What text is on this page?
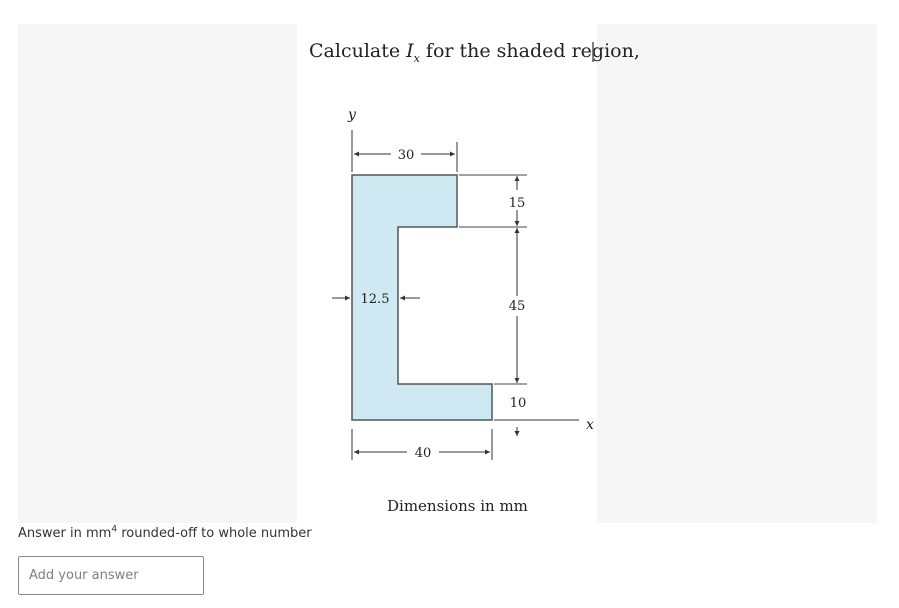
Calculate $I_x$ for the shaded region,
y
30
15
45
10
x
12.5
40
Dimensions in mm
Answer in $mm^4$ rounded-off to whole number
Add your answer
